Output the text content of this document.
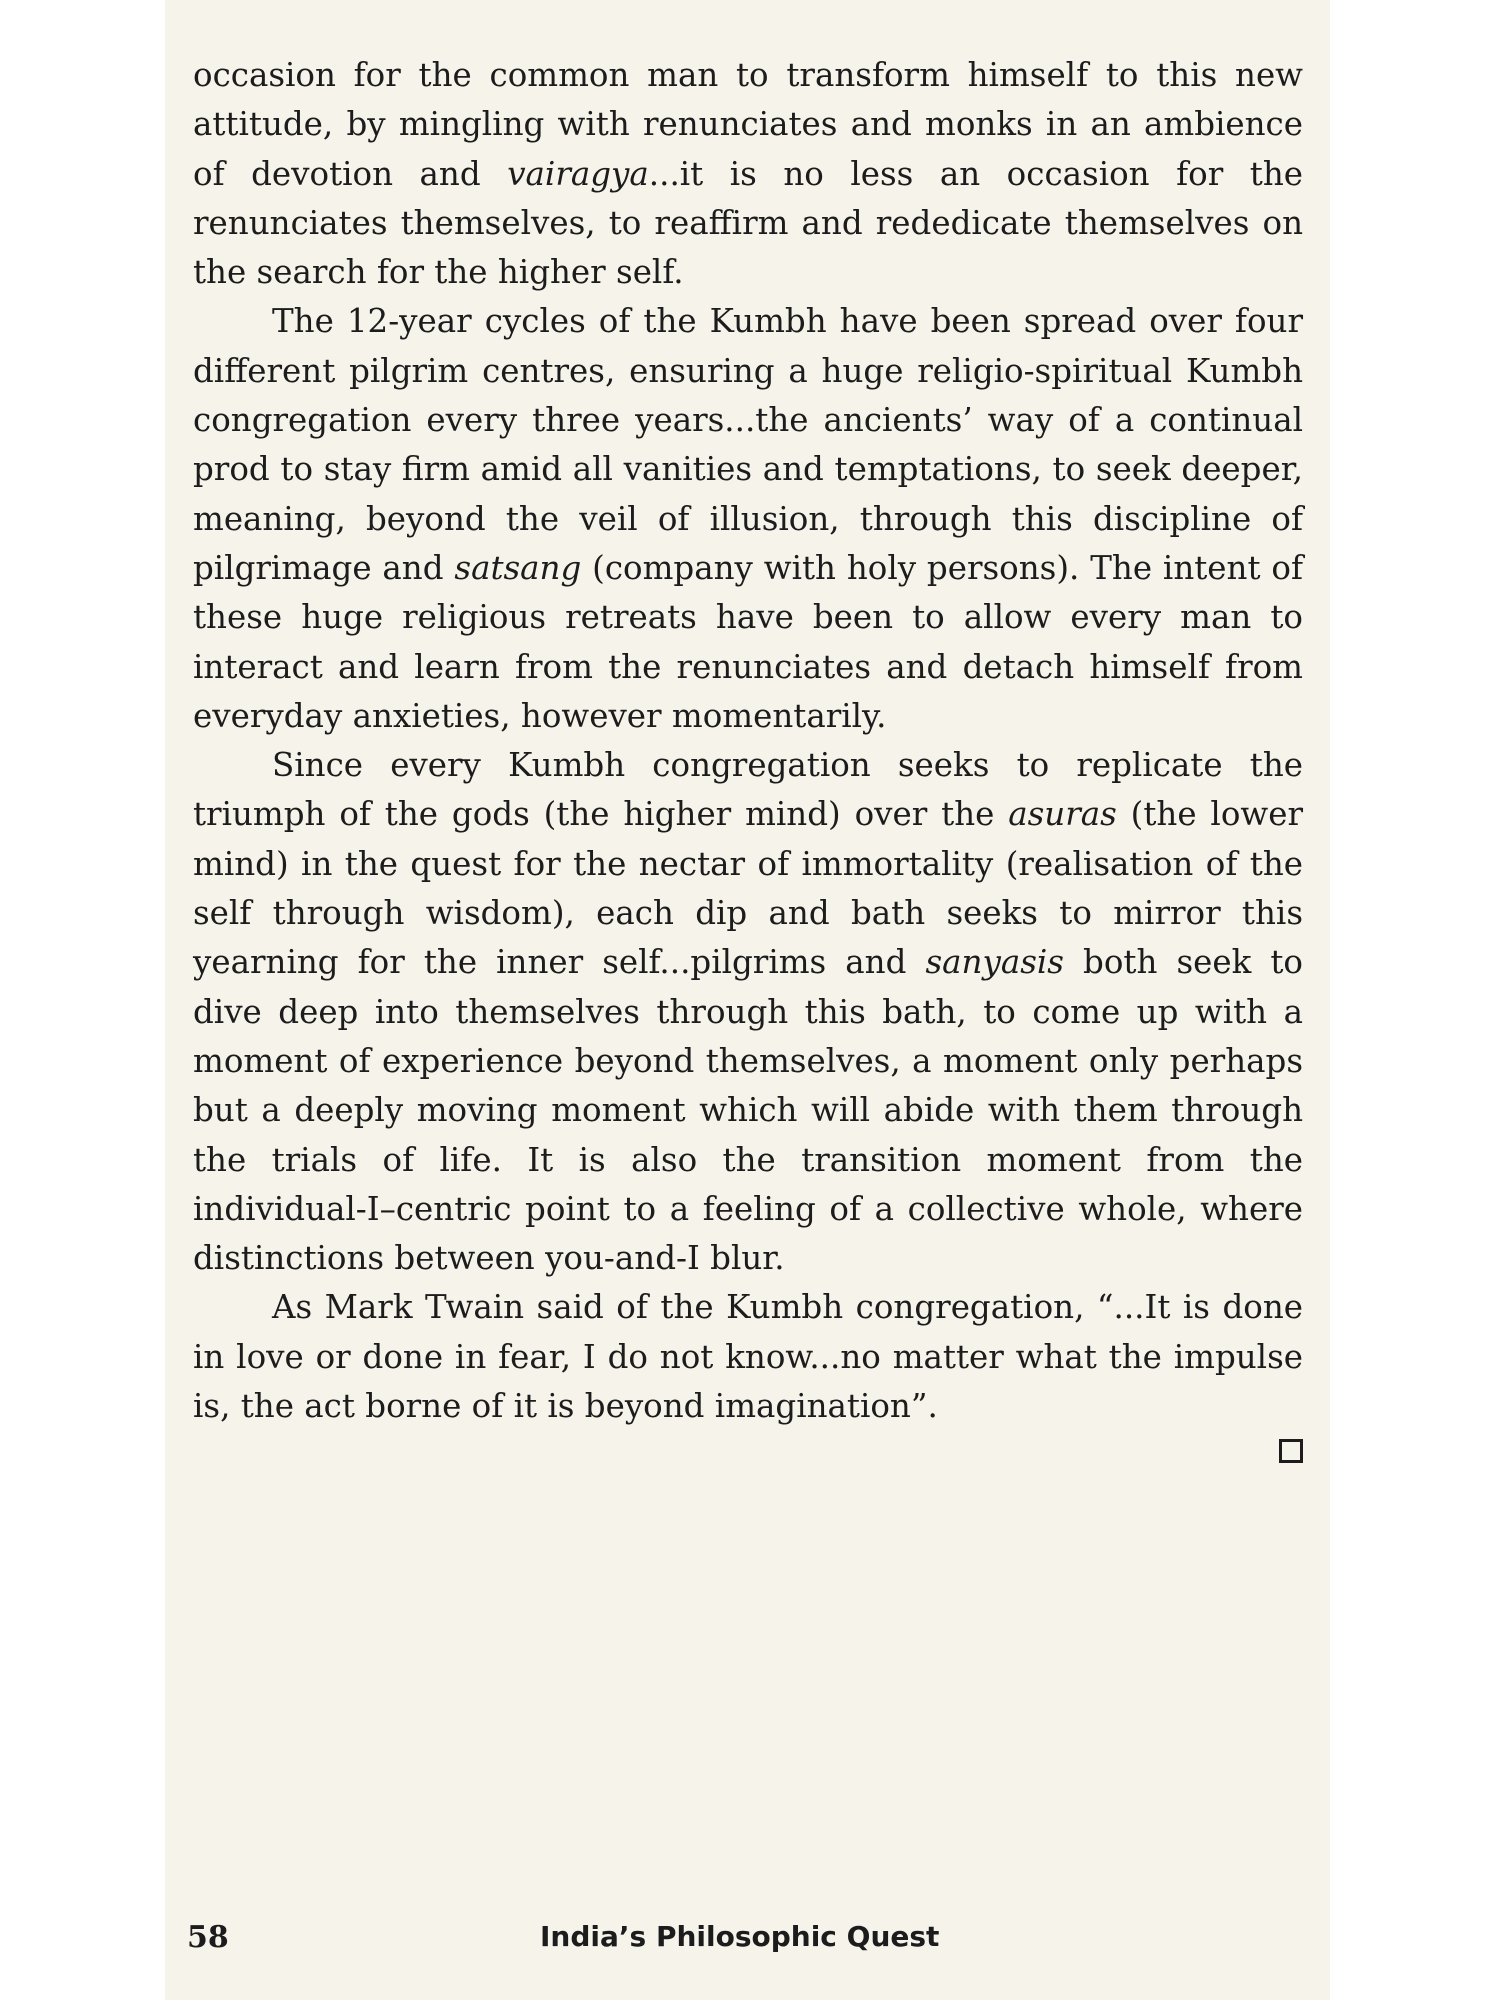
occasion for the common man to transform himself to this new attitude, by mingling with renunciates and monks in an ambience of devotion and vairagya...it is no less an occasion for the renunciates themselves, to reaffirm and rededicate themselves on the search for the higher self.

The 12-year cycles of the Kumbh have been spread over four different pilgrim centres, ensuring a huge religio-spiritual Kumbh congregation every three years...the ancients’ way of a continual prod to stay firm amid all vanities and temptations, to seek deeper, meaning, beyond the veil of illusion, through this discipline of pilgrimage and satsang (company with holy persons). The intent of these huge religious retreats have been to allow every man to interact and learn from the renunciates and detach himself from everyday anxieties, however momentarily.

Since every Kumbh congregation seeks to replicate the triumph of the gods (the higher mind) over the asuras (the lower mind) in the quest for the nectar of immortality (realisation of the self through wisdom), each dip and bath seeks to mirror this yearning for the inner self...pilgrims and sanyasis both seek to dive deep into themselves through this bath, to come up with a moment of experience beyond themselves, a moment only perhaps but a deeply moving moment which will abide with them through the trials of life. It is also the transition moment from the individual-I–centric point to a feeling of a collective whole, where distinctions between you-and-I blur.

As Mark Twain said of the Kumbh congregation, “...It is done in love or done in fear, I do not know...no matter what the impulse is, the act borne of it is beyond imagination”.

58	India’s Philosophic Quest
